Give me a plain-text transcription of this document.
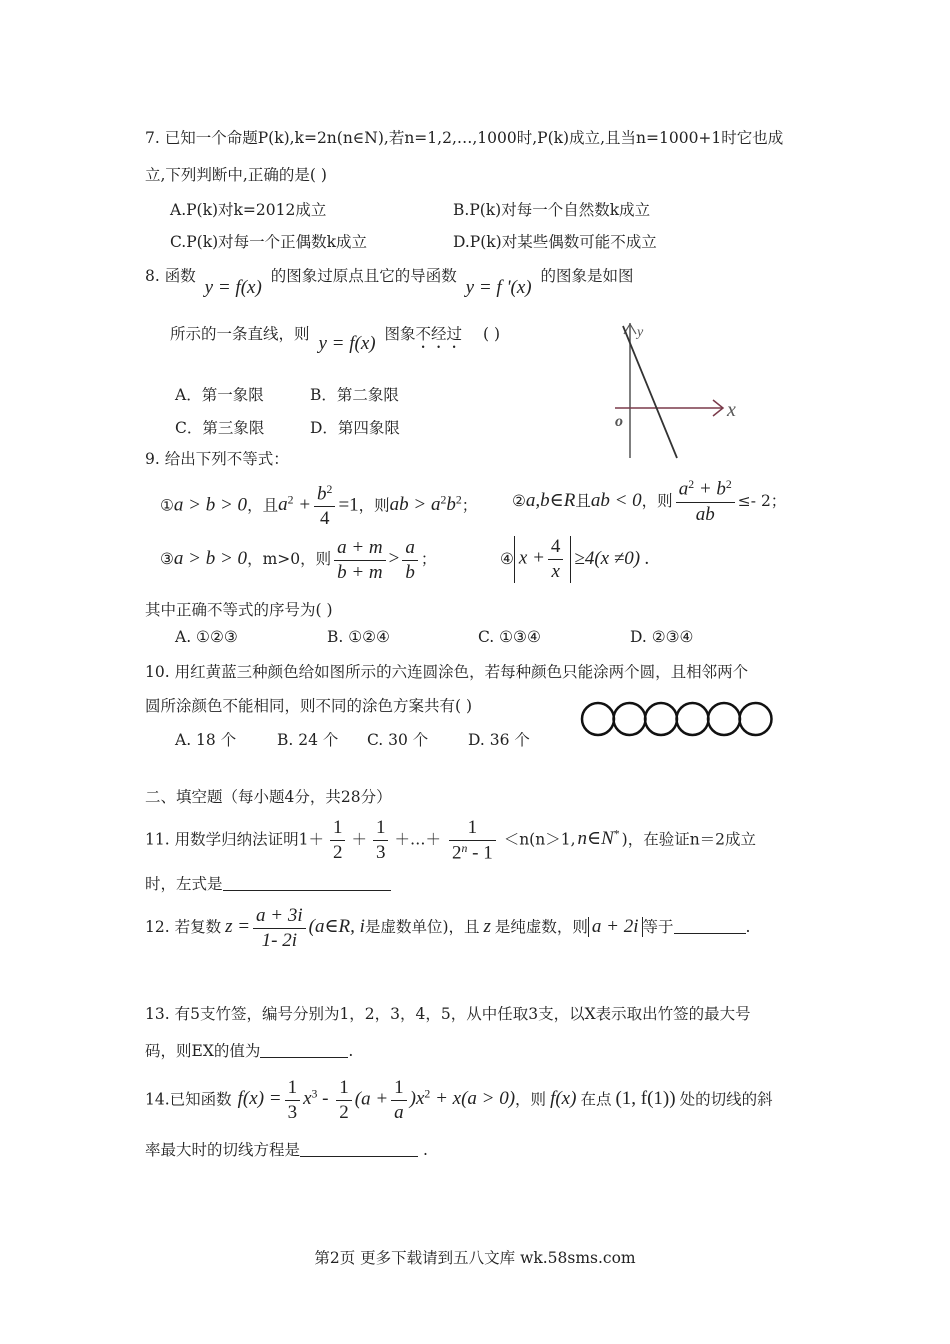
7. 已知一个命题P(k),k=2n(n∈N),若n=1,2,…,1000时,P(k)成立,且当n=1000+1时它也成
立,下列判断中,正确的是( )
A.P(k)对k=2012成立	B.P(k)对每一个自然数k成立
C.P(k)对每一个正偶数k成立	D.P(k)对某些偶数可能不成立
8. 函数 y = f(x) 的图象过原点且它的导函数 y = f '(x) 的图象是如图
所示的一条直线，则 y = f(x) 图象不经过 ( )
A．第一象限	B．第二象限
C．第三象限	D．第四象限
y
x
o
9. 给出下列不等式：
①a > b > 0，且$a^2 + \frac{b^2}{4} =1$，则ab > $a^2b^2$； ②a,b∈R且ab < 0，则 $\frac{a^2 + b^2}{ab} \le- 2$；
③a > b > 0，m>0，则 $\frac{a + m}{b + m} > \frac{a}{b}$ ；	④ $x + \frac{4}{x} \ge 4(x \ne 0)$ .
其中正确不等式的序号为( )
A. ①②③	B. ①②④	C. ①③④	D. ②③④
10. 用红黄蓝三种颜色给如图所示的六连圆涂色，若每种颜色只能涂两个圆，且相邻两个
圆所涂颜色不能相同，则不同的涂色方案共有( )
A. 18 个	B. 24 个 C. 30 个	D. 36 个
二、填空题（每小题4分，共28分）
11. 用数学归纳法证明$1+ \frac{1}{2} + \frac{1}{3}$ ＋…＋ $\frac{1}{2^n - 1} <n(n>1$, n∈N* )，在验证n＝2成立
时，左式是
12. 若复数 $z = \frac{a + 3i}{1- 2i}$ (a∈R, i是虚数单位)，且 z 是纯虚数，则 a + 2i 等于	.
13. 有5支竹签，编号分别为1，2，3，4，5，从中任取3支，以X表示取出竹签的最大号
码，则EX的值为	.
14.已知函数 $f(x) = \frac{1}{3} x^3 - \frac{1}{2} (a + \frac{1}{a} )x^2 + x(a > 0)$，则 f(x) 在点 (1, f(1)) 处的切线的斜
率最大时的切线方程是	.
第2页 更多下载请到五八文库 wk.58sms.com
